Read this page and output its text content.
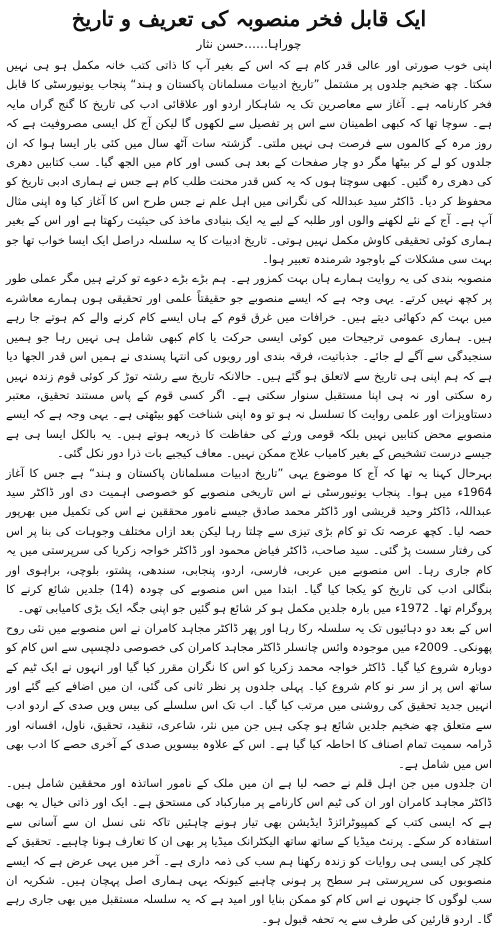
ایک قابل فخر منصوبہ کی تعریف و تاریخ
چوراہا……حسن نثار

اپنی خوب صورتی اور عالی قدر کام ہے کہ اس کے بغیر آپ کا ذاتی کتب خانہ مکمل ہو ہی نہیں سکتا۔ چھ ضخیم جلدوں پر مشتمل ”تاریخ ادبیات مسلمانان پاکستان و ہند“ پنجاب یونیورسٹی کا قابل فخر کارنامہ ہے۔ آغاز سے معاصرین تک یہ شاہکار اردو اور علاقائی ادب کی تاریخ کا گنج گراں مایہ ہے۔ سوچا تھا کہ کبھی اطمینان سے اس پر تفصیل سے لکھوں گا لیکن آج کل ایسی مصروفیت ہے کہ روز مرہ کے کالموں سے فرصت ہی نہیں ملتی۔ گزشتہ سات آٹھ سال میں کئی بار ایسا ہوا کہ ان جلدوں کو لے کر بیٹھا مگر دو چار صفحات کے بعد ہی کسی اور کام میں الجھ گیا۔ سب کتابیں دھری کی دھری رہ گئیں۔ کبھی سوچتا ہوں کہ یہ کس قدر محنت طلب کام ہے جس نے ہماری ادبی تاریخ کو محفوظ کر دیا۔ ڈاکٹر سید عبداللہ کی نگرانی میں اہل علم نے جس طرح اس کا آغاز کیا وہ اپنی مثال آپ ہے۔ آج کے نئے لکھنے والوں اور طلبہ کے لیے یہ ایک بنیادی ماخذ کی حیثیت رکھتا ہے اور اس کے بغیر ہماری کوئی تحقیقی کاوش مکمل نہیں ہوتی۔ تاریخ ادبیات کا یہ سلسلہ دراصل ایک ایسا خواب تھا جو بہت سی مشکلات کے باوجود شرمندہ تعبیر ہوا۔

منصوبہ بندی کی یہ روایت ہمارے ہاں بہت کمزور ہے۔ ہم بڑے بڑے دعوے تو کرتے ہیں مگر عملی طور پر کچھ نہیں کرتے۔ یہی وجہ ہے کہ ایسے منصوبے جو حقیقتاً علمی اور تحقیقی ہوں ہمارے معاشرے میں بہت کم دکھائی دیتے ہیں۔ خرافات میں غرق قوم کے ہاں ایسے کام کرنے والے کم ہوتے جا رہے ہیں۔ ہماری عمومی ترجیحات میں کوئی ایسی حرکت یا کام کبھی شامل ہی نہیں رہا جو ہمیں سنجیدگی سے آگے لے جائے۔ جذباتیت، فرقہ بندی اور رویوں کی انتہا پسندی نے ہمیں اس قدر الجھا دیا ہے کہ ہم اپنی ہی تاریخ سے لاتعلق ہو گئے ہیں۔ حالانکہ تاریخ سے رشتہ توڑ کر کوئی قوم زندہ نہیں رہ سکتی اور نہ ہی اپنا مستقبل سنوار سکتی ہے۔ اگر کسی قوم کے پاس مستند تحقیق، معتبر دستاویزات اور علمی روایت کا تسلسل نہ ہو تو وہ اپنی شناخت کھو بیٹھتی ہے۔ یہی وجہ ہے کہ ایسے منصوبے محض کتابیں نہیں بلکہ قومی ورثے کی حفاظت کا ذریعہ ہوتے ہیں۔ یہ بالکل ایسا ہی ہے جیسے درست تشخیص کے بغیر کامیاب علاج ممکن نہیں۔ معاف کیجیے بات ذرا دور نکل گئی۔

بہرحال کہنا یہ تھا کہ آج کا موضوع یہی ”تاریخ ادبیات مسلمانان پاکستان و ہند“ ہے جس کا آغاز 1964ء میں ہوا۔ پنجاب یونیورسٹی نے اس تاریخی منصوبے کو خصوصی اہمیت دی اور ڈاکٹر سید عبداللہ، ڈاکٹر وحید قریشی اور ڈاکٹر محمد صادق جیسے نامور محققین نے اس کی تکمیل میں بھرپور حصہ لیا۔ کچھ عرصہ تک تو کام بڑی تیزی سے چلتا رہا لیکن بعد ازاں مختلف وجوہات کی بنا پر اس کی رفتار سست پڑ گئی۔ سید صاحب، ڈاکٹر فیاض محمود اور ڈاکٹر خواجہ زکریا کی سرپرستی میں یہ کام جاری رہا۔ اس منصوبے میں عربی، فارسی، اردو، پنجابی، سندھی، پشتو، بلوچی، براہوی اور بنگالی ادب کی تاریخ کو یکجا کیا گیا۔ ابتدا میں اس منصوبے کی چودہ (14) جلدیں شائع کرنے کا پروگرام تھا۔ 1972ء میں بارہ جلدیں مکمل ہو کر شائع ہو گئیں جو اپنی جگہ ایک بڑی کامیابی تھی۔

اس کے بعد دو دہائیوں تک یہ سلسلہ رکا رہا اور پھر ڈاکٹر مجاہد کامران نے اس منصوبے میں نئی روح پھونکی۔ 2009ء میں موجودہ وائس چانسلر ڈاکٹر مجاہد کامران کی خصوصی دلچسپی سے اس کام کو دوبارہ شروع کیا گیا۔ ڈاکٹر خواجہ محمد زکریا کو اس کا نگران مقرر کیا گیا اور انہوں نے ایک ٹیم کے ساتھ اس پر از سر نو کام شروع کیا۔ پہلی جلدوں پر نظر ثانی کی گئی، ان میں اضافے کیے گئے اور انہیں جدید تحقیق کی روشنی میں مرتب کیا گیا۔ اب تک اس سلسلے کی بیس ویں صدی کے اردو ادب سے متعلق چھ ضخیم جلدیں شائع ہو چکی ہیں جن میں نثر، شاعری، تنقید، تحقیق، ناول، افسانہ اور ڈرامہ سمیت تمام اصناف کا احاطہ کیا گیا ہے۔ اس کے علاوہ بیسویں صدی کے آخری حصے کا ادب بھی اس میں شامل ہے۔

ان جلدوں میں جن اہل قلم نے حصہ لیا ہے ان میں ملک کے نامور اساتذہ اور محققین شامل ہیں۔ ڈاکٹر مجاہد کامران اور ان کی ٹیم اس کارنامے پر مبارکباد کی مستحق ہے۔ ایک اور ذاتی خیال یہ بھی ہے کہ ایسی کتب کے کمپیوٹرائزڈ ایڈیشن بھی تیار ہونے چاہئیں تاکہ نئی نسل ان سے آسانی سے استفادہ کر سکے۔ پرنٹ میڈیا کے ساتھ ساتھ الیکٹرانک میڈیا پر بھی ان کا تعارف ہونا چاہیے۔ تحقیق کے کلچر کی ایسی ہی روایات کو زندہ رکھنا ہم سب کی ذمہ داری ہے۔ آخر میں یہی عرض ہے کہ ایسے منصوبوں کی سرپرستی ہر سطح پر ہونی چاہیے کیونکہ یہی ہماری اصل پہچان ہیں۔ شکریہ ان سب لوگوں کا جنہوں نے اس کام کو ممکن بنایا اور امید ہے کہ یہ سلسلہ مستقبل میں بھی جاری رہے گا۔ اردو قارئین کی طرف سے یہ تحفہ قبول ہو۔
